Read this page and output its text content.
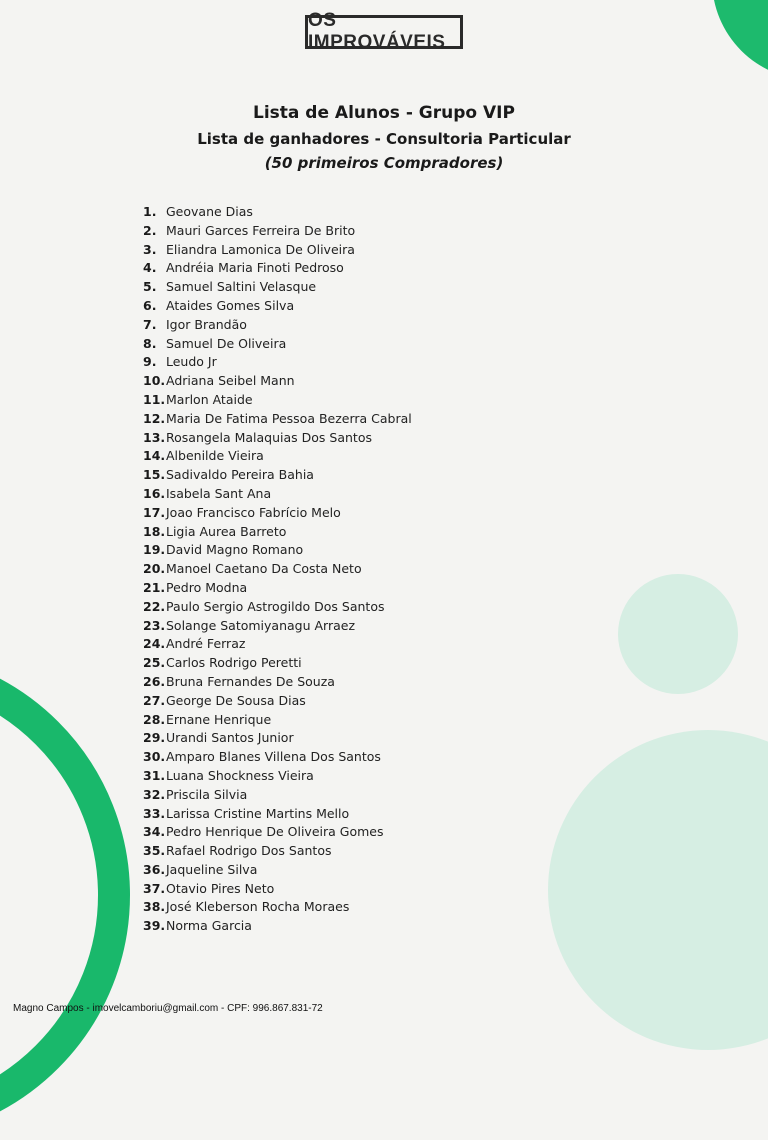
OS IMPROVÁVEIS
Lista de Alunos - Grupo VIP
Lista de ganhadores - Consultoria Particular
(50 primeiros Compradores)
1. Geovane Dias
2. Mauri Garces Ferreira De Brito
3. Eliandra Lamonica De Oliveira
4. Andréia Maria Finoti Pedroso
5. Samuel Saltini Velasque
6. Ataides Gomes Silva
7. Igor Brandão
8. Samuel De Oliveira
9. Leudo Jr
10. Adriana Seibel Mann
11. Marlon Ataide
12. Maria De Fatima Pessoa Bezerra Cabral
13. Rosangela Malaquias Dos Santos
14. Albenilde Vieira
15. Sadivaldo Pereira Bahia
16. Isabela Sant Ana
17. Joao Francisco Fabrício Melo
18. Ligia Aurea Barreto
19. David Magno Romano
20. Manoel Caetano Da Costa Neto
21. Pedro Modna
22. Paulo Sergio Astrogildo Dos Santos
23. Solange Satomiyanagu Arraez
24. André Ferraz
25. Carlos Rodrigo Peretti
26. Bruna Fernandes De Souza
27. George De Sousa Dias
28. Ernane Henrique
29. Urandi Santos Junior
30. Amparo Blanes Villena Dos Santos
31. Luana Shockness Vieira
32. Priscila Silvia
33. Larissa Cristine Martins Mello
34. Pedro Henrique De Oliveira Gomes
35. Rafael Rodrigo Dos Santos
36. Jaqueline Silva
37. Otavio Pires Neto
38. José Kleberson Rocha Moraes
39. Norma Garcia
Magno Campos - imovelcamboriu@gmail.com - CPF: 996.867.831-72
